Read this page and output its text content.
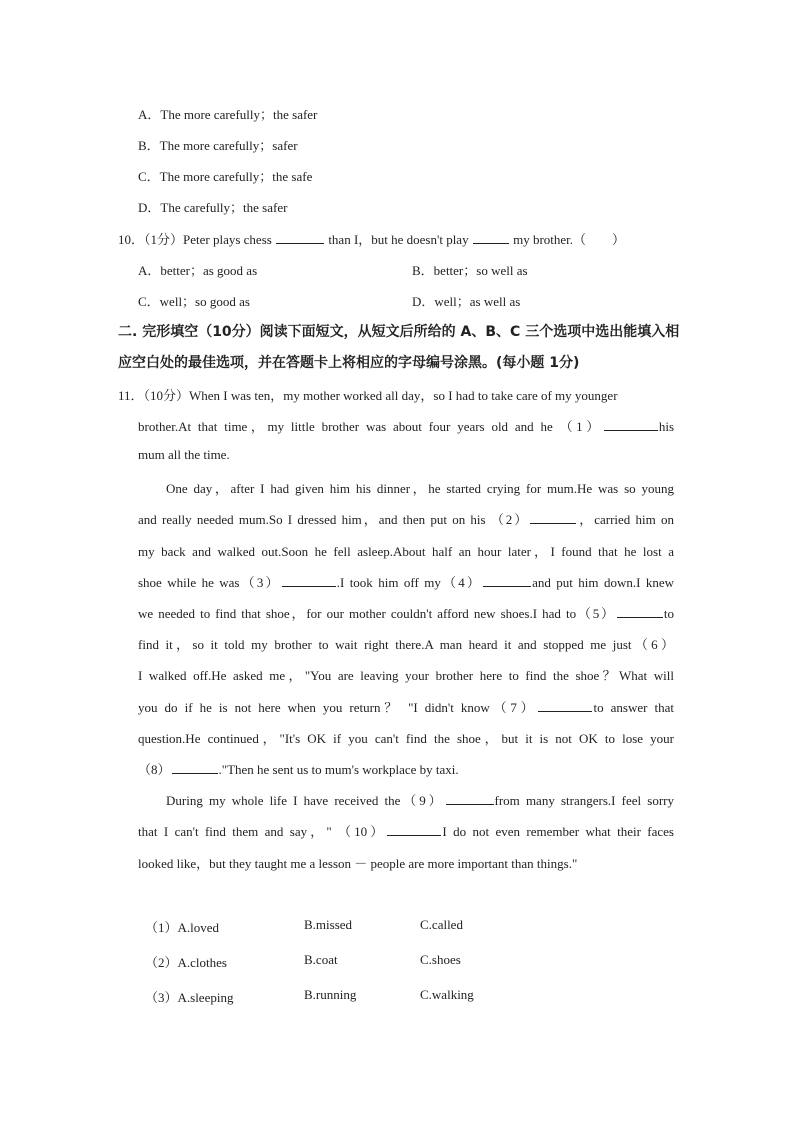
A．The more carefully；the safer
B．The more carefully；safer
C．The more carefully；the safe
D．The carefully；the safer
10．（1分）Peter plays chess	than I，but he doesn't play	my brother.（　　）
A．better；as good as	B．better；so well as
C．well；so good as	D．well；as well as
二. 完形填空（10分）阅读下面短文，从短文后所给的 A、B、C 三个选项中选出能填入相
应空白处的最佳选项，并在答题卡上将相应的字母编号涂黑。(每小题 1分)
11．（10分）When I was ten，my mother worked all day，so I had to take care of my younger
brother.At that time，my little brother was about four years old and he （1）	his
mum all the time.
One day，after I had given him his dinner，he started crying for mum.He was so young
and really needed mum.So I dressed him，and then put on his （2）	，carried him on
my back and walked out.Soon he fell asleep.About half an hour later，I found that he lost a
shoe while he was（3）	.I took him off my（4）	and put him down.I knew
we needed to find that shoe，for our mother couldn't afford new shoes.I had to（5）	to
find it，so it told my brother to wait right there.A man heard it and stopped me just（6）
I walked off.He asked me，"You are leaving your brother here to find the shoe？What will
you do if he is not here when you return？ "I didn't know（7）	to answer that
question.He continued，"It's OK if you can't find the shoe，but it is not OK to lose your
（8）	."Then he sent us to mum's workplace by taxi.
During my whole life I have received the（9）	from many strangers.I feel sorry
that I can't find them and say，" （10）	I do not even remember what their faces
looked like，but they taught me a lesson － people are more important than things."
（1）A.loved	B.missed	C.called
（2）A.clothes	B.coat	C.shoes
（3）A.sleeping	B.running	C.walking
